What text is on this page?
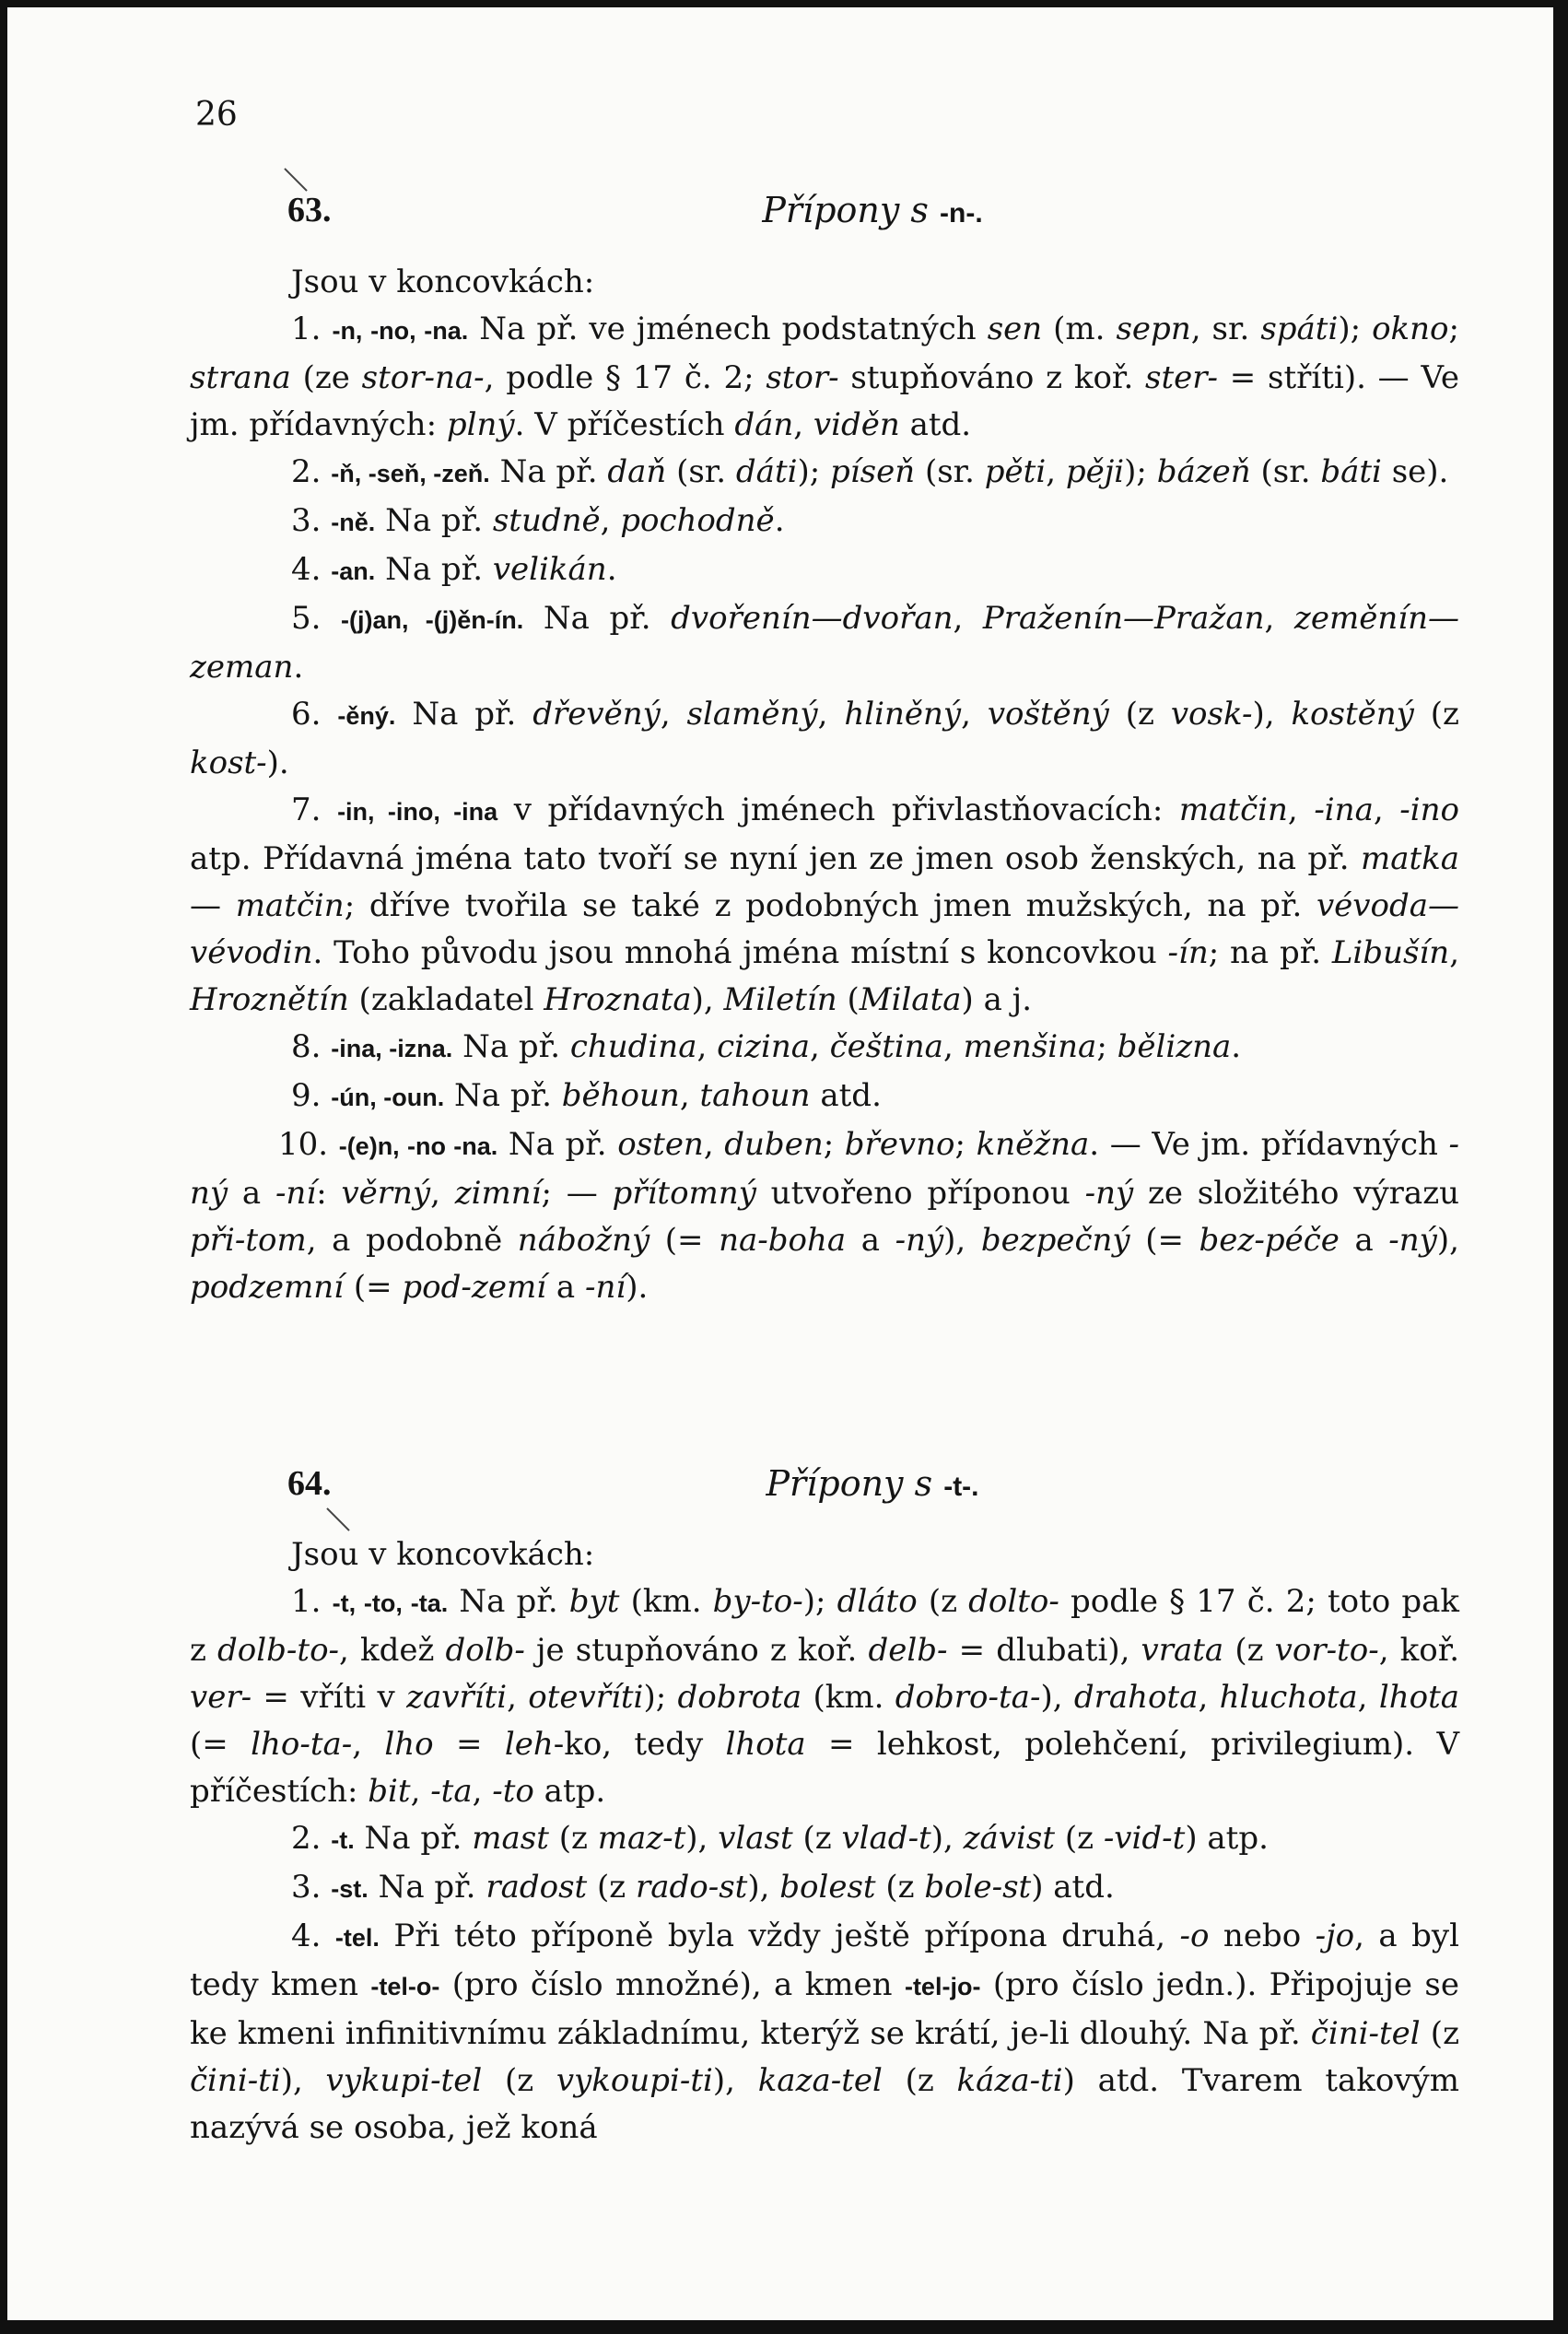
26
63.	Přípony s -n-.

Jsou v koncovkách:

1. -n, -no, -na. Na př. ve jménech podstatných sen (m. sepn, sr. spáti); okno; strana (ze stor-na-, podle § 17 č. 2; stor- stupňováno z koř. ster- = stříti). — Ve jm. přídavných: plný. V příčestích dán, viděn atd.

2. -ň, -seň, -zeň. Na př. daň (sr. dáti); píseň (sr. pěti, pěji); bázeň (sr. báti se).

3. -ně. Na př. studně, pochodně.

4. -an. Na př. velikán.

5. -(j)an, -(j)ěn-ín. Na př. dvořenín—dvořan, Praženín—Pražan, zeměnín—zeman.

6. -ěný. Na př. dřevěný, slaměný, hliněný, voštěný (z vosk-), kostěný (z kost-).

7. -in, -ino, -ina v přídavných jménech přivlastňovacích: matčin, -ina, -ino atp. Přídavná jména tato tvoří se nyní jen ze jmen osob ženských, na př. matka — matčin; dříve tvořila se také z podobných jmen mužských, na př. vévoda—vévodin. Toho původu jsou mnohá jména místní s koncovkou -ín; na př. Libušín, Hroznětín (zakladatel Hroznata), Miletín (Milata) a j.

8. -ina, -izna. Na př. chudina, cizina, čeština, menšina; bělizna.

9. -ún, -oun. Na př. běhoun, tahoun atd.

10. -(e)n, -no -na. Na př. osten, duben; břevno; kněžna. — Ve jm. přídavných -ný a -ní: věrný, zimní; — přítomný utvořeno příponou -ný ze složitého výrazu při-tom, a podobně nábožný (= na-boha a -ný), bezpečný (= bez-péče a -ný), podzemní (= pod-zemí a -ní).

64.	Přípony s -t-.

Jsou v koncovkách:

1. -t, -to, -ta. Na př. byt (km. by-to-); dláto (z dolto- podle § 17 č. 2; toto pak z dolb-to-, kdež dolb- je stupňováno z koř. delb- = dlubati), vrata (z vor-to-, koř. ver- = vříti v zavříti, otevříti); dobrota (km. dobro-ta-), drahota, hluchota, lhota (= lho-ta-, lho = leh-ko, tedy lhota = lehkost, polehčení, privilegium). V příčestích: bit, -ta, -to atp.

2. -t. Na př. mast (z maz-t), vlast (z vlad-t), závist (z -vid-t) atp.

3. -st. Na př. radost (z rado-st), bolest (z bole-st) atd.

4. -tel. Při této příponě byla vždy ještě přípona druhá, -o nebo -jo, a byl tedy kmen -tel-o- (pro číslo množné), a kmen -tel-jo- (pro číslo jedn.). Připojuje se ke kmeni infinitivnímu základnímu, kterýž se krátí, je-li dlouhý. Na př. čini-tel (z čini-ti), vykupi-tel (z vykoupi-ti), kaza-tel (z káza-ti) atd. Tvarem takovým nazývá se osoba, jež koná
